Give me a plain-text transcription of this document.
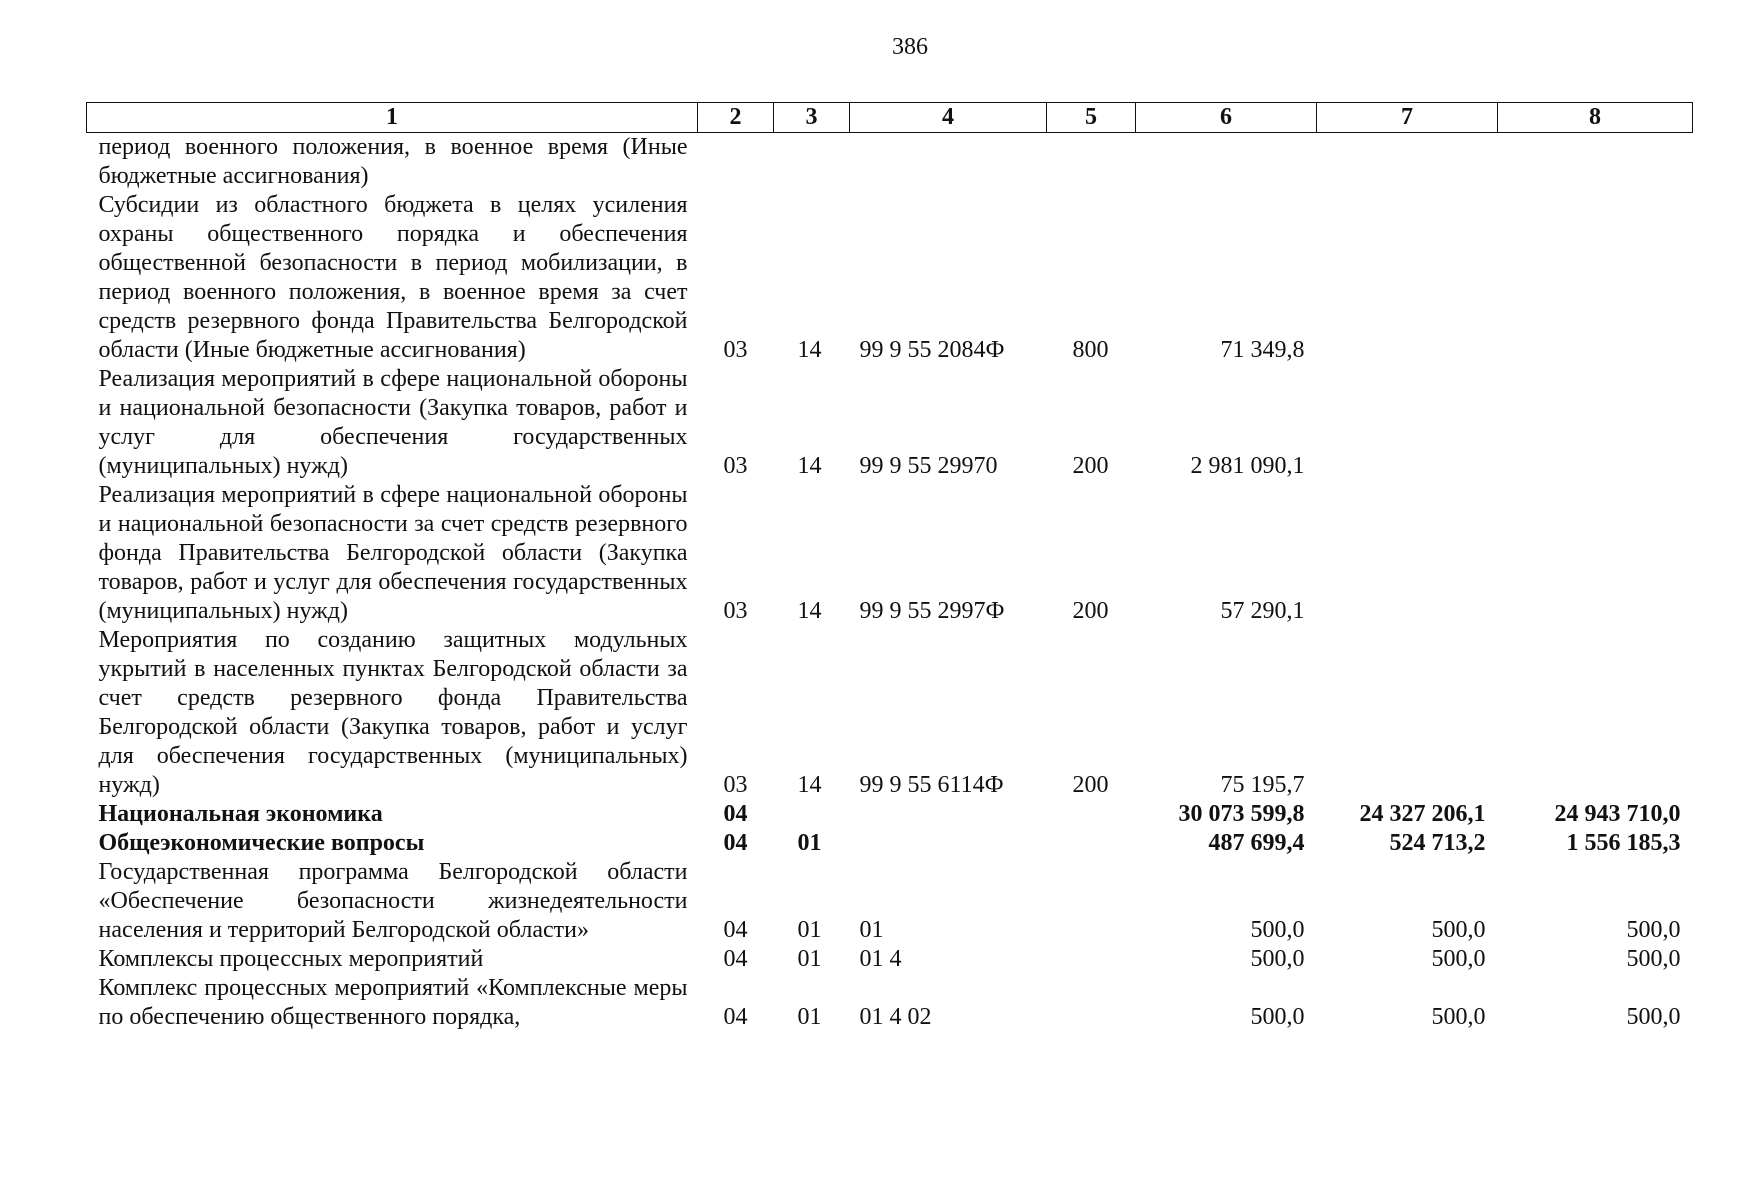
386
1	2	3	4	5	6	7	8
период военного положения, в военное время (Иные бюджетные ассигнования)							
Субсидии из областного бюджета в целях усиления охраны общественного порядка и обеспечения общественной безопасности в период мобилизации, в период военного положения, в военное время за счет средств резервного фонда Правительства Белгородской области (Иные бюджетные ассигнования)	03	14	99 9 55 2084Ф	800	71 349,8		
Реализация мероприятий в сфере национальной обороны и национальной безопасности (Закупка товаров, работ и услуг для обеспечения государственных (муниципальных) нужд)	03	14	99 9 55 29970	200	2 981 090,1		
Реализация мероприятий в сфере национальной обороны и национальной безопасности за счет средств резервного фонда Правительства Белгородской области (Закупка товаров, работ и услуг для обеспечения государственных (муниципальных) нужд)	03	14	99 9 55 2997Ф	200	57 290,1		
Мероприятия по созданию защитных модульных укрытий в населенных пунктах Белгородской области за счет средств резервного фонда Правительства Белгородской области (Закупка товаров, работ и услуг для обеспечения государственных (муниципальных) нужд)	03	14	99 9 55 6114Ф	200	75 195,7		
Национальная экономика	04				30 073 599,8	24 327 206,1	24 943 710,0
Общеэкономические вопросы	04	01			487 699,4	524 713,2	1 556 185,3
Государственная программа Белгородской области «Обеспечение безопасности жизнедеятельности населения и территорий Белгородской области»	04	01	01		500,0	500,0	500,0
Комплексы процессных мероприятий	04	01	01 4		500,0	500,0	500,0
Комплекс процессных мероприятий «Комплексные меры по обеспечению общественного порядка,	04	01	01 4 02		500,0	500,0	500,0
